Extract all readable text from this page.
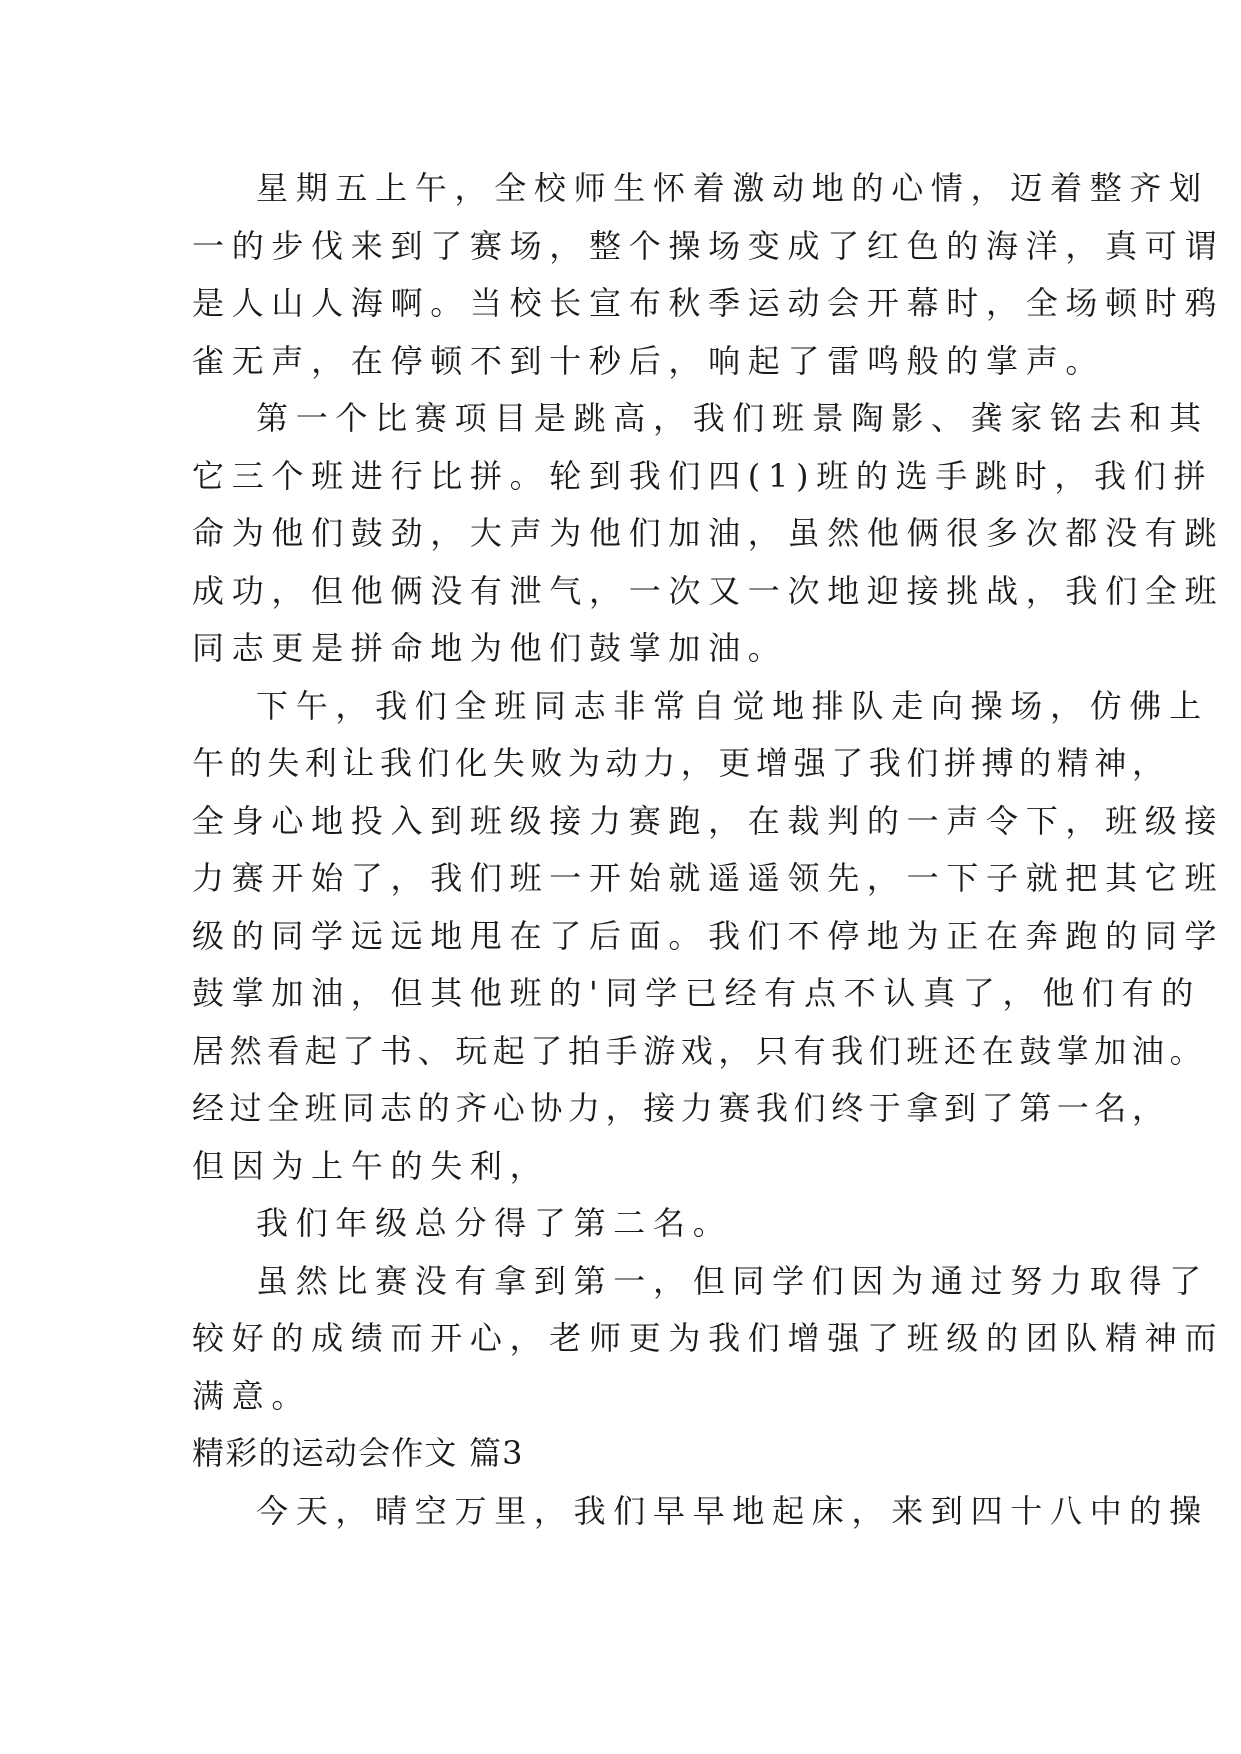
星期五上午，全校师生怀着激动地的心情，迈着整齐划
一的步伐来到了赛场，整个操场变成了红色的海洋，真可谓
是人山人海啊。当校长宣布秋季运动会开幕时，全场顿时鸦
雀无声，在停顿不到十秒后，响起了雷鸣般的掌声。
第一个比赛项目是跳高，我们班景陶影、龚家铭去和其
它三个班进行比拼。轮到我们四(1)班的选手跳时，我们拼
命为他们鼓劲，大声为他们加油，虽然他俩很多次都没有跳
成功，但他俩没有泄气，一次又一次地迎接挑战，我们全班
同志更是拼命地为他们鼓掌加油。
下午，我们全班同志非常自觉地排队走向操场，仿佛上
午的失利让我们化失败为动力，更增强了我们拼搏的精神，
全身心地投入到班级接力赛跑，在裁判的一声令下，班级接
力赛开始了，我们班一开始就遥遥领先，一下子就把其它班
级的同学远远地甩在了后面。我们不停地为正在奔跑的同学
鼓掌加油，但其他班的'同学已经有点不认真了，他们有的
居然看起了书、玩起了拍手游戏，只有我们班还在鼓掌加油。
经过全班同志的齐心协力，接力赛我们终于拿到了第一名，
但因为上午的失利，
我们年级总分得了第二名。
虽然比赛没有拿到第一，但同学们因为通过努力取得了
较好的成绩而开心，老师更为我们增强了班级的团队精神而
满意。
精彩的运动会作文 篇3
今天，晴空万里，我们早早地起床，来到四十八中的操
